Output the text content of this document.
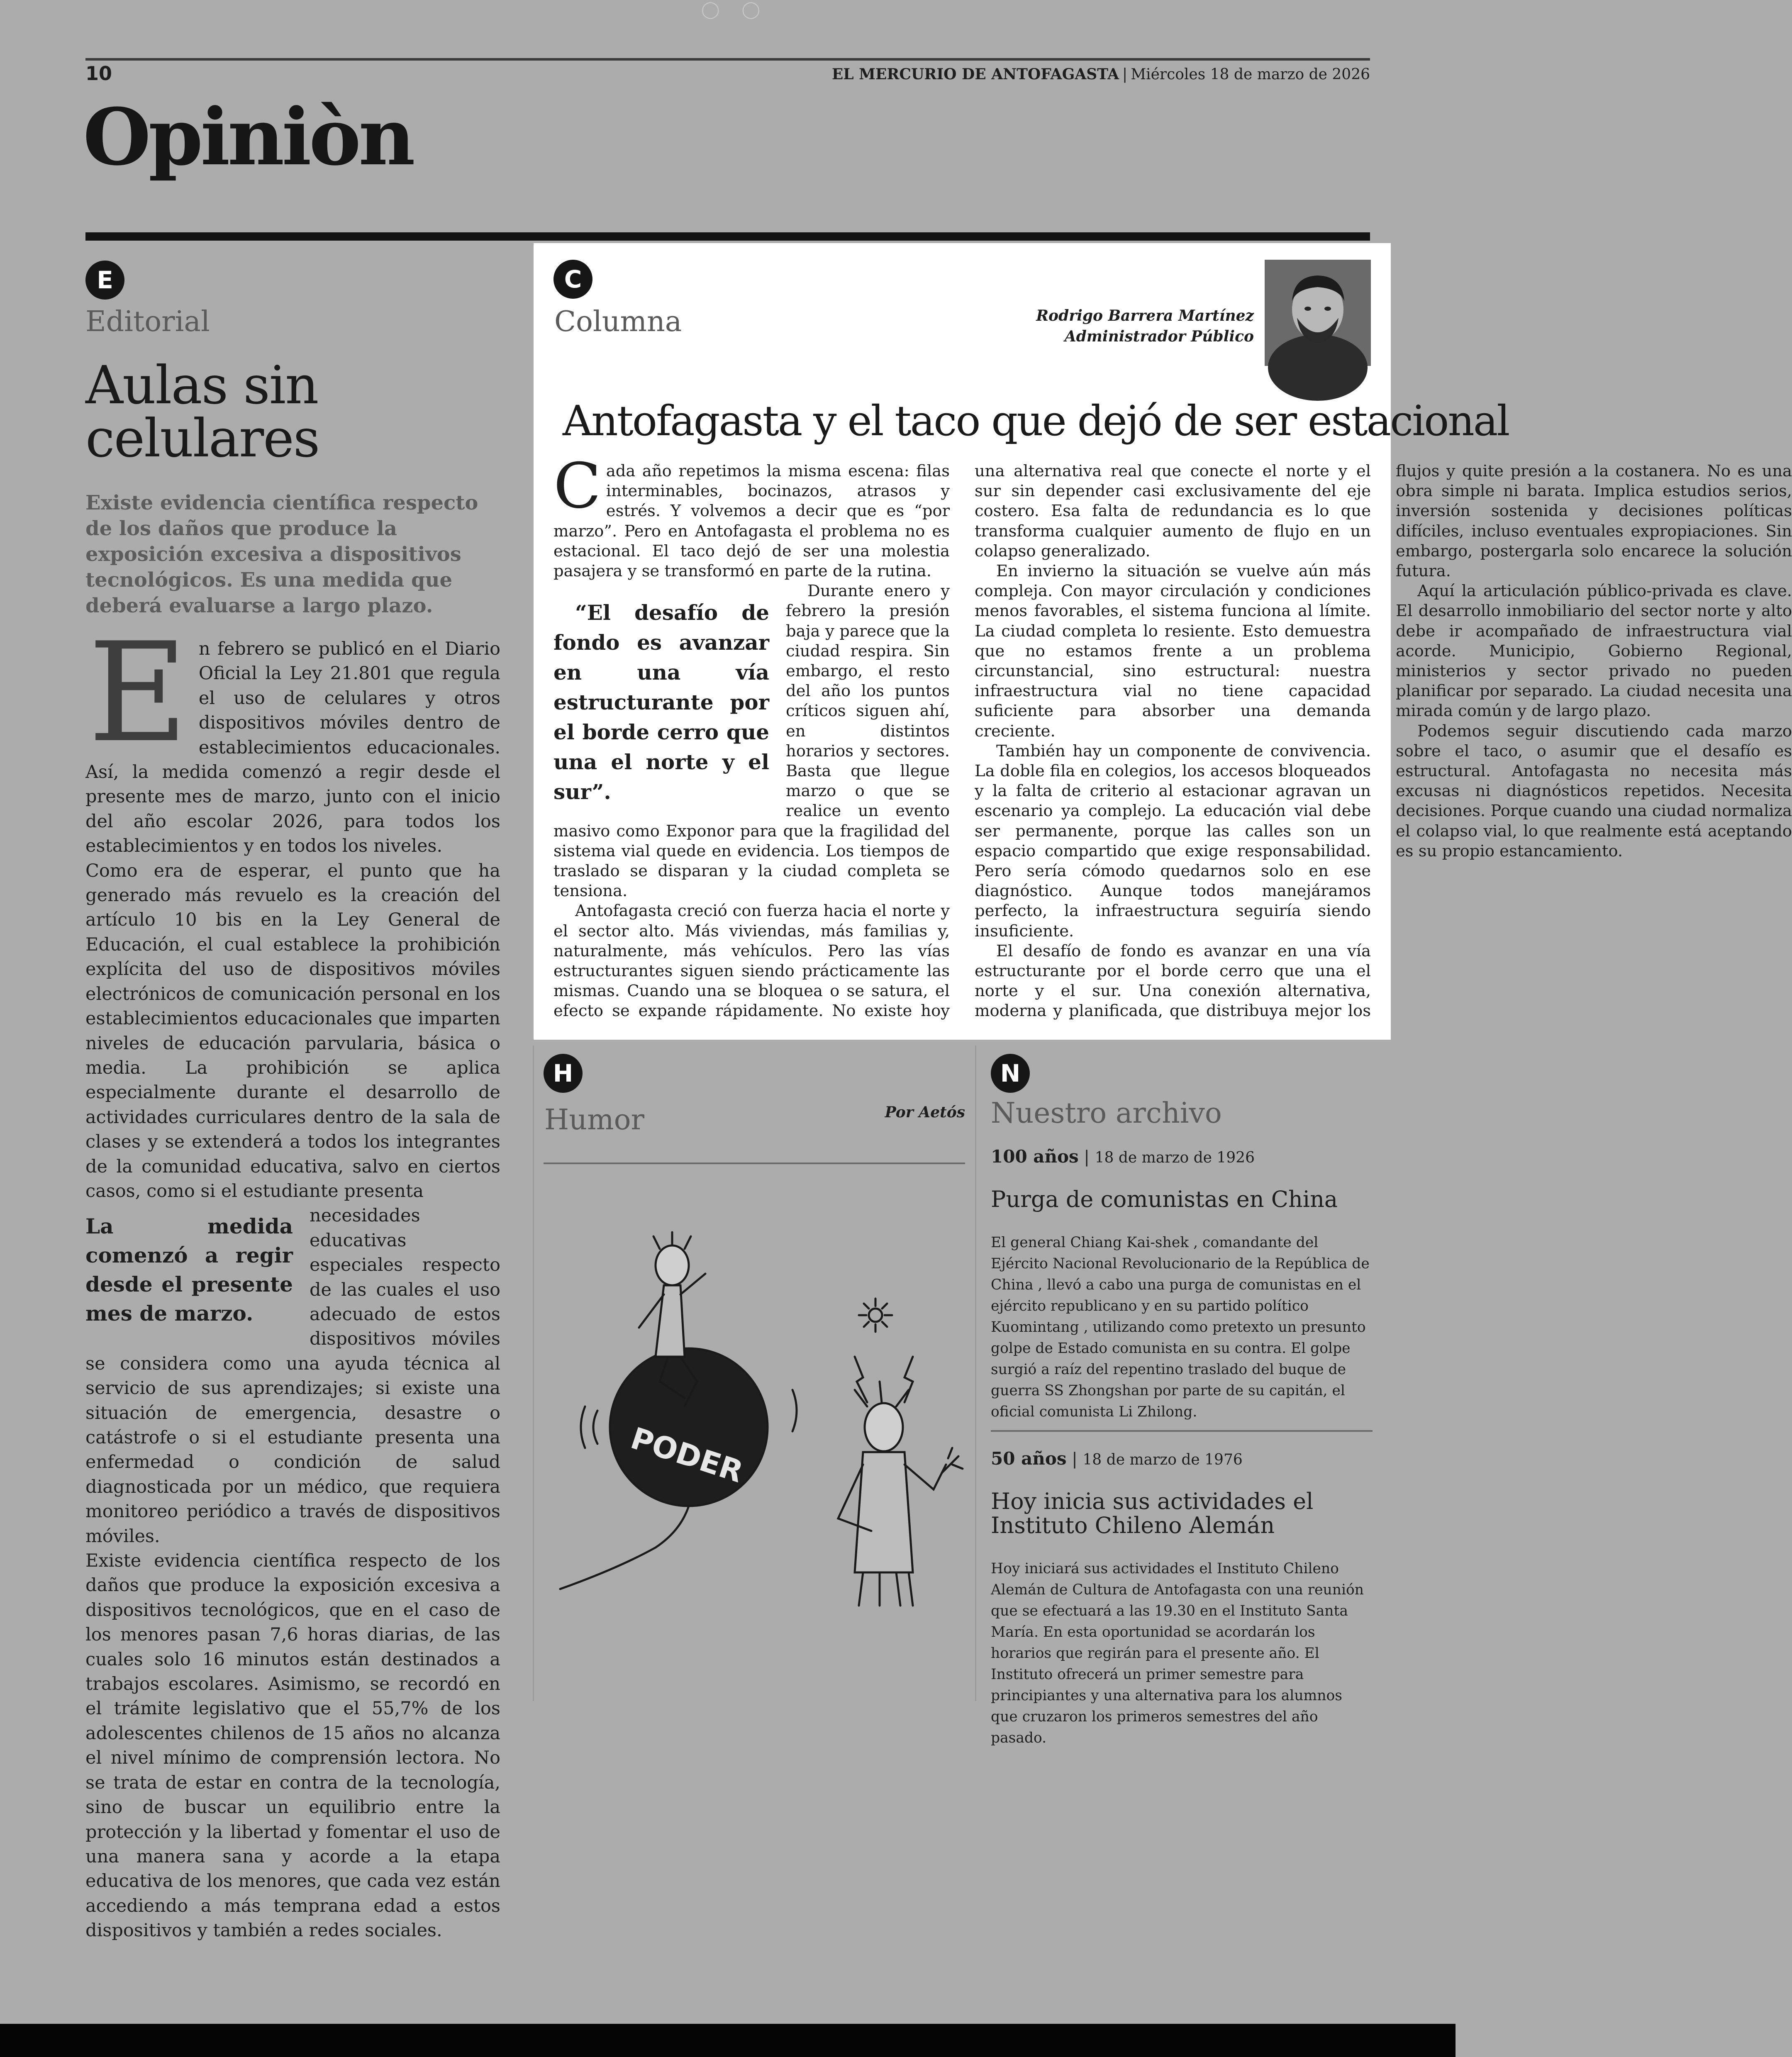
◯ ◯
10	EL MERCURIO DE ANTOFAGASTA | Miércoles 18 de marzo de 2026
Opiniòn
E
Editorial
Aulas sin
celulares
Existe evidencia científica respecto de los daños que produce la exposición excesiva a dispositivos tecnológicos. Es una medida que deberá evaluarse a largo plazo.

En febrero se publicó en el Diario Oficial la Ley 21.801 que regula el uso de celulares y otros dispositivos móviles dentro de establecimientos educacionales. Así, la medida comenzó a regir desde el presente mes de marzo, junto con el inicio del año escolar 2026, para todos los establecimientos y en todos los niveles.

Como era de esperar, el punto que ha generado más revuelo es la creación del artículo 10 bis en la Ley General de Educación, el cual establece la prohibición explícita del uso de dispositivos móviles electrónicos de comunicación personal en los establecimientos educacionales que imparten niveles de educación parvularia, básica o media. La prohibición se aplica especialmente durante el desarrollo de actividades curriculares dentro de la sala de clases y se extenderá a todos los integrantes de la comunidad educativa, salvo en ciertos casos, como si el estudiante presenta

La medida comenzó a regir desde el presente mes de marzo.
necesidades educativas especiales respecto de las cuales el uso adecuado de estos dispositivos móviles se considera como una ayuda técnica al servicio de sus aprendizajes; si existe una situación de emergencia, desastre o catástrofe o si el estudiante presenta una enfermedad o condición de salud diagnosticada por un médico, que requiera monitoreo periódico a través de dispositivos móviles.

Existe evidencia científica respecto de los daños que produce la exposición excesiva a dispositivos tecnológicos, que en el caso de los menores pasan 7,6 horas diarias, de las cuales solo 16 minutos están destinados a trabajos escolares. Asimismo, se recordó en el trámite legislativo que el 55,7% de los adolescentes chilenos de 15 años no alcanza el nivel mínimo de comprensión lectora. No se trata de estar en contra de la tecnología, sino de buscar un equilibrio entre la protección y la libertad y fomentar el uso de una manera sana y acorde a la etapa educativa de los menores, que cada vez están accediendo a más temprana edad a estos dispositivos y también a redes sociales.

C
Columna	Rodrigo Barrera Martínez
Administrador Público
Antofagasta y el taco que dejó de ser estacional

Cada año repetimos la misma escena: filas interminables, bocinazos, atrasos y estrés. Y volvemos a decir que es “por marzo”. Pero en Antofagasta el problema no es estacional. El taco dejó de ser una molestia pasajera y se transformó en parte de la rutina.

“El desafío de fondo es avanzar en una vía estructurante por el borde cerro que una el norte y el sur”.
Durante enero y febrero la presión baja y parece que la ciudad respira. Sin embargo, el resto del año los puntos críticos siguen ahí, en distintos horarios y sectores. Basta que llegue marzo o que se realice un evento masivo como Exponor para que la fragilidad del sistema vial quede en evidencia. Los tiempos de traslado se disparan y la ciudad completa se tensiona.

Antofagasta creció con fuerza hacia el norte y el sector alto. Más viviendas, más familias y, naturalmente, más vehículos. Pero las vías estructurantes siguen siendo prácticamente las mismas. Cuando una se bloquea o se satura, el efecto se expande rápidamente. No existe hoy una alternativa real que conecte el norte y el sur sin depender casi exclusivamente del eje costero. Esa falta de redundancia es lo que transforma cualquier aumento de flujo en un colapso generalizado.

En invierno la situación se vuelve aún más compleja. Con mayor circulación y condiciones menos favorables, el sistema funciona al límite. La ciudad completa lo resiente. Esto demuestra que no estamos frente a un problema circunstancial, sino estructural: nuestra infraestructura vial no tiene capacidad suficiente para absorber una demanda creciente.

También hay un componente de convivencia. La doble fila en colegios, los accesos bloqueados y la falta de criterio al estacionar agravan un escenario ya complejo. La educación vial debe ser permanente, porque las calles son un espacio compartido que exige responsabilidad. Pero sería cómodo quedarnos solo en ese diagnóstico. Aunque todos manejáramos perfecto, la infraestructura seguiría siendo insuficiente.

El desafío de fondo es avanzar en una vía estructurante por el borde cerro que una el norte y el sur. Una conexión alternativa, moderna y planificada, que distribuya mejor los flujos y quite presión a la costanera. No es una obra simple ni barata. Implica estudios serios, inversión sostenida y decisiones políticas difíciles, incluso eventuales expropiaciones. Sin embargo, postergarla solo encarece la solución futura.

Aquí la articulación público-privada es clave. El desarrollo inmobiliario del sector norte y alto debe ir acompañado de infraestructura vial acorde. Municipio, Gobierno Regional, ministerios y sector privado no pueden planificar por separado. La ciudad necesita una mirada común y de largo plazo.

Podemos seguir discutiendo cada marzo sobre el taco, o asumir que el desafío es estructural. Antofagasta no necesita más excusas ni diagnósticos repetidos. Necesita decisiones. Porque cuando una ciudad normaliza el colapso vial, lo que realmente está aceptando es su propio estancamiento.

H
Humor	Por Aetós
PODER
N
Nuestro archivo
100 años | 18 de marzo de 1926
Purga de comunistas en China
El general Chiang Kai-shek , comandante del Ejército Nacional Revolucionario de la República de China , llevó a cabo una purga de comunistas en el ejército republicano y en su partido político Kuomintang , utilizando como pretexto un presunto golpe de Estado comunista en su contra. El golpe surgió a raíz del repentino traslado del buque de guerra SS Zhongshan por parte de su capitán, el oficial comunista Li Zhilong.
50 años | 18 de marzo de 1976
Hoy inicia sus actividades el Instituto Chileno Alemán
Hoy iniciará sus actividades el Instituto Chileno Alemán de Cultura de Antofagasta con una reunión que se efectuará a las 19.30 en el Instituto Santa María. En esta oportunidad se acordarán los horarios que regirán para el presente año. El Instituto ofrecerá un primer semestre para principiantes y una alternativa para los alumnos que cruzaron los primeros semestres del año pasado.
